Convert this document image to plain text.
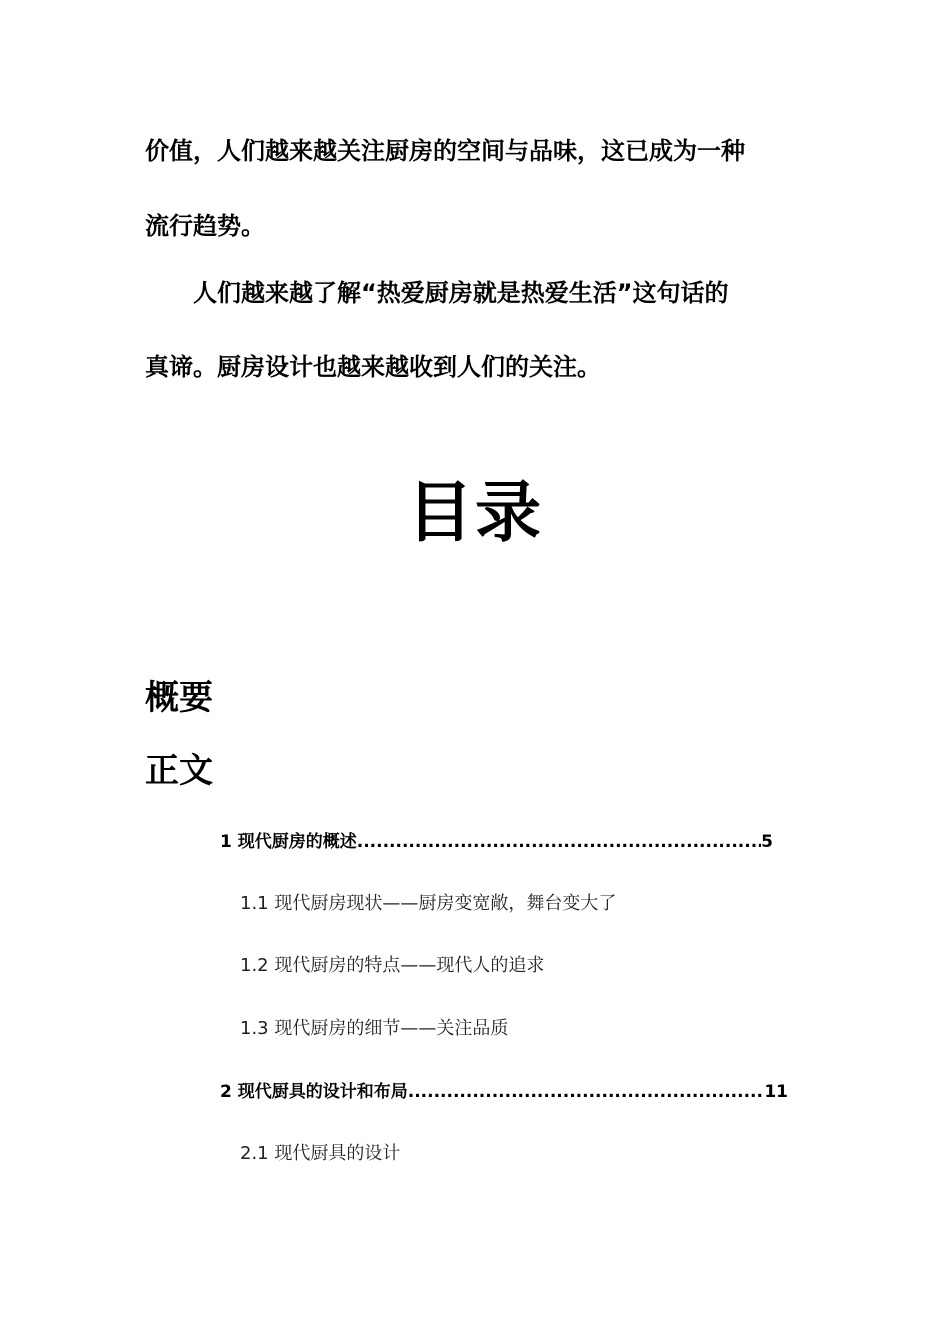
价值，人们越来越关注厨房的空间与品味，这已成为一种
流行趋势。
人们越来越了解“热爱厨房就是热爱生活”这句话的
真谛。厨房设计也越来越收到人们的关注。
目录
概要
正文
1 现代厨房的概述 .....	5
1.1 现代厨房现状——厨房变宽敞，舞台变大了
1.2 现代厨房的特点——现代人的追求
1.3 现代厨房的细节——关注品质
2 现代厨具的设计和布局 .....	11
2.1 现代厨具的设计
